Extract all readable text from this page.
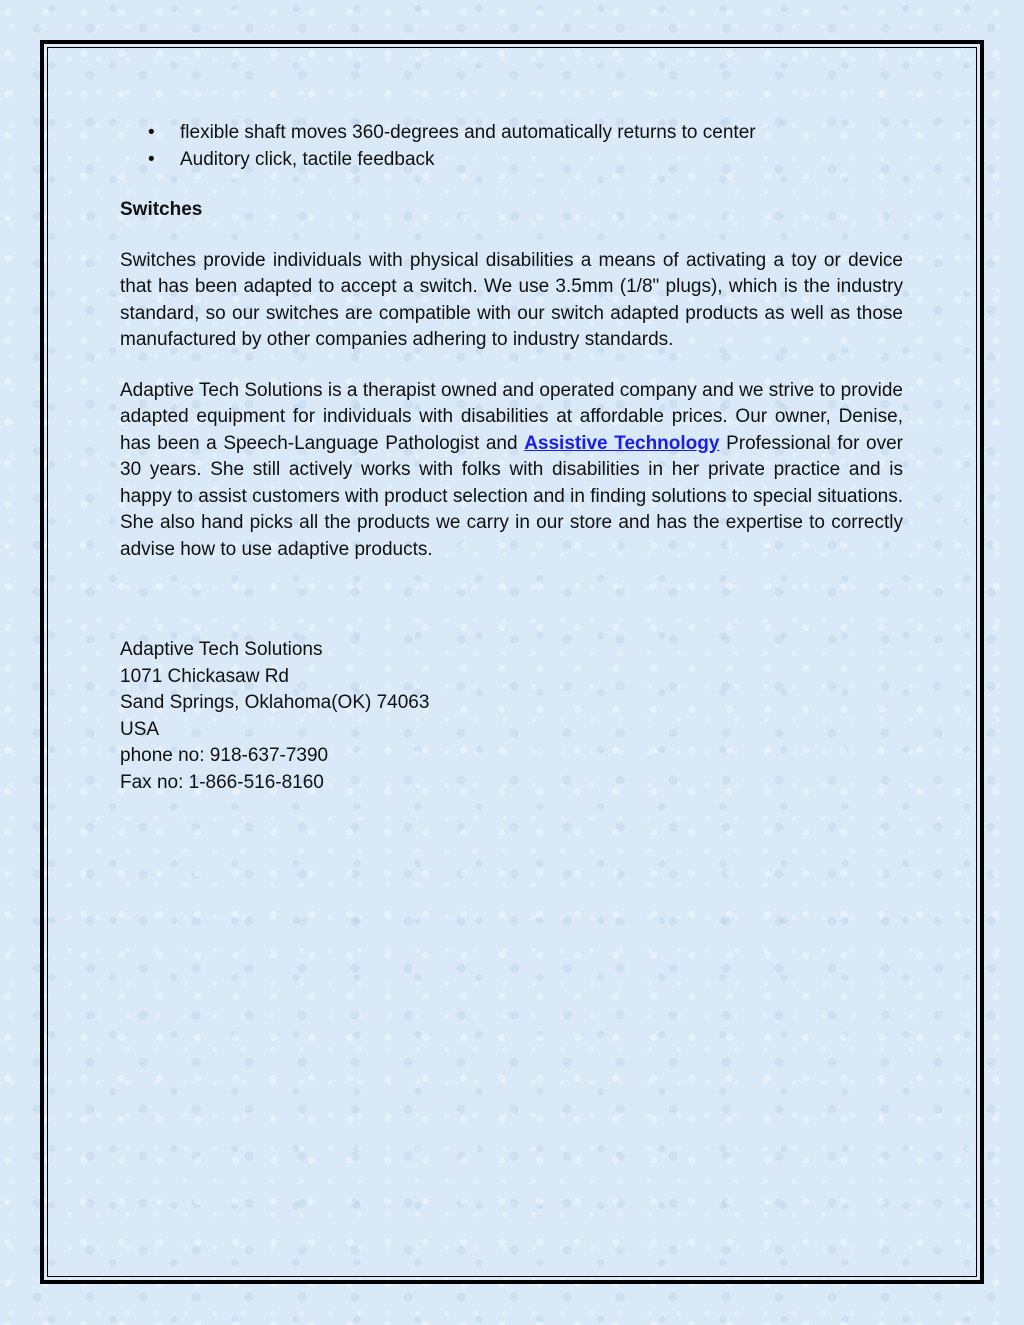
• flexible shaft moves 360-degrees and automatically returns to center
• Auditory click, tactile feedback
Switches
Switches provide individuals with physical disabilities a means of activating a toy or device that has been adapted to accept a switch. We use 3.5mm (1/8" plugs), which is the industry standard, so our switches are compatible with our switch adapted products as well as those manufactured by other companies adhering to industry standards.
Adaptive Tech Solutions is a therapist owned and operated company and we strive to provide adapted equipment for individuals with disabilities at affordable prices. Our owner, Denise, has been a Speech-Language Pathologist and Assistive Technology Professional for over 30 years. She still actively works with folks with disabilities in her private practice and is happy to assist customers with product selection and in finding solutions to special situations. She also hand picks all the products we carry in our store and has the expertise to correctly advise how to use adaptive products.
Adaptive Tech Solutions
1071 Chickasaw Rd
Sand Springs, Oklahoma(OK) 74063
USA
phone no: 918-637-7390
Fax no: 1-866-516-8160
